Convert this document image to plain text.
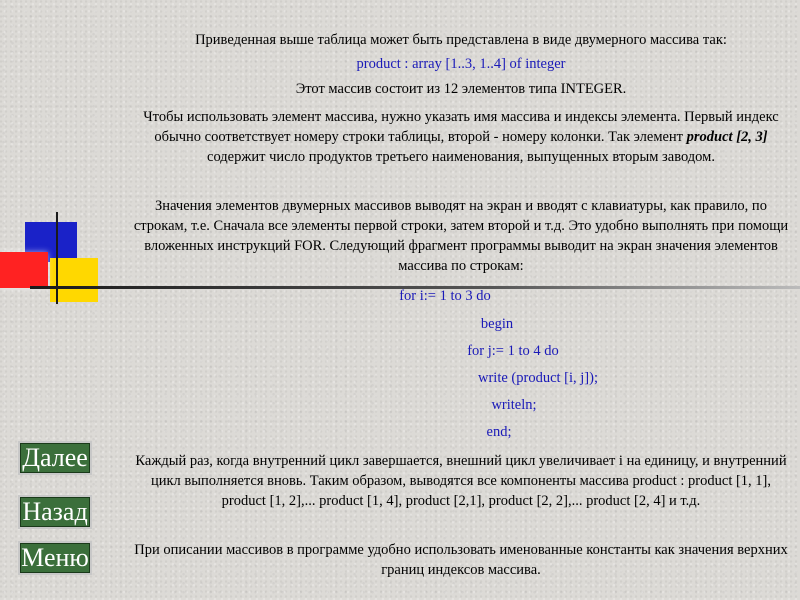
Далее
Назад
Меню

Приведенная выше таблица может быть представлена в виде двумерного массива так:

product : array [1..3, 1..4] of integer

Этот массив состоит из 12 элементов типа INTEGER.

Чтобы использовать элемент массива, нужно указать имя массива и индексы элемента. Первый индекс обычно соответствует номеру строки таблицы, второй - номеру колонки. Так элемент product [2, 3] содержит число продуктов третьего наименования, выпущенных вторым заводом.

Значения элементов двумерных массивов выводят на экран и вводят с клавиатуры, как правило, по строкам, т.е. Сначала все элементы первой строки, затем второй и т.д. Это удобно выполнять при помощи вложенных инструкций FOR. Следующий фрагмент программы выводит на экран значения элементов массива по строкам:

for i:= 1 to 3 do

begin

for j:= 1 to 4 do

write (product [i, j]);

writeln;

end;

Каждый раз, когда внутренний цикл завершается, внешний цикл увеличивает i на единицу, и внутренний цикл выполняется вновь. Таким образом, выводятся все компоненты массива product : product [1, 1], product [1, 2],... product [1, 4], product [2,1], product [2, 2],... product [2, 4] и т.д.

При описании массивов в программе удобно использовать именованные константы как значения верхних границ индексов массива.
